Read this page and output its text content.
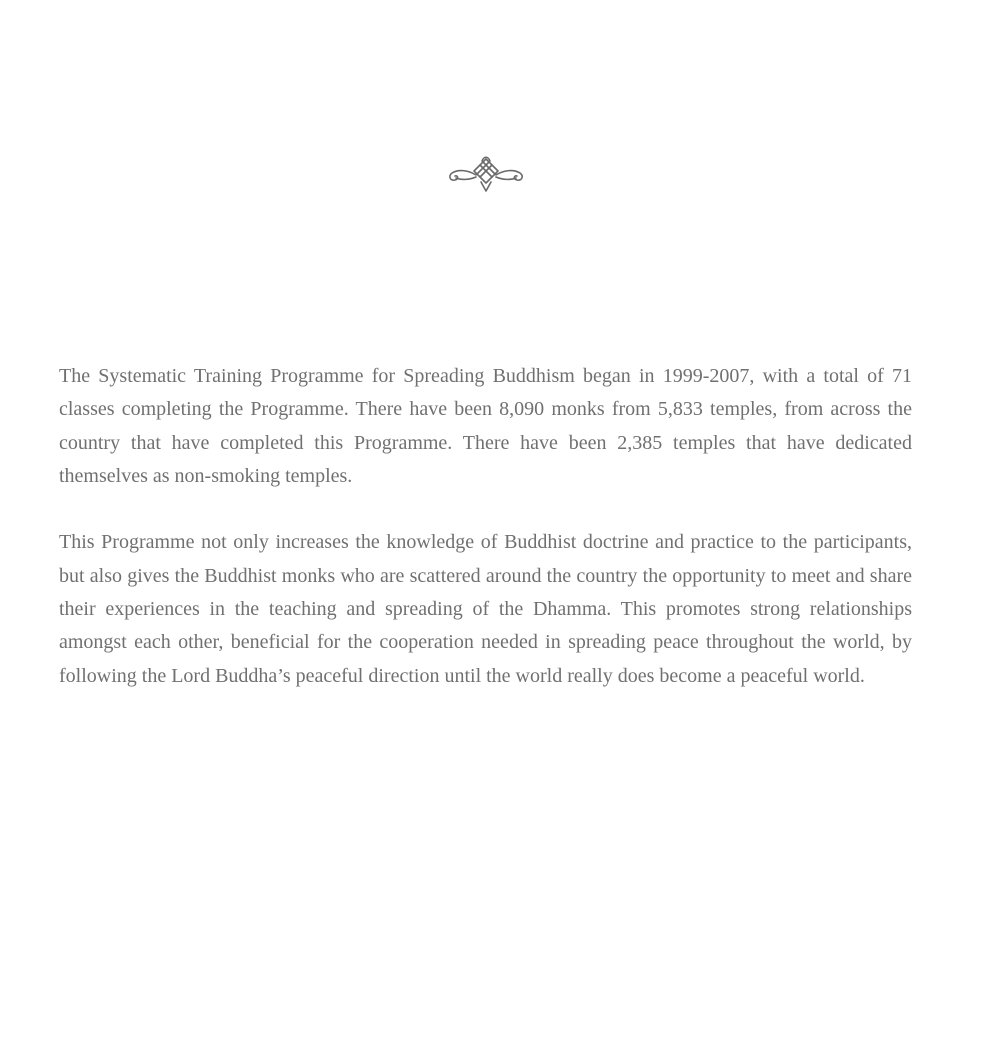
The Systematic Training Programme for Spreading Buddhism began in 1999-2007, with a total of 71 classes completing the Programme. There have been 8,090 monks from 5,833 temples, from across the country that have completed this Programme. There have been 2,385 temples that have dedicated themselves as non-smoking temples.

This Programme not only increases the knowledge of Buddhist doctrine and practice to the participants, but also gives the Buddhist monks who are scattered around the country the opportunity to meet and share their experiences in the teaching and spreading of the Dhamma. This promotes strong relationships amongst each other, beneficial for the cooperation needed in spreading peace throughout the world, by following the Lord Buddha’s peaceful direction until the world really does become a peaceful world.
